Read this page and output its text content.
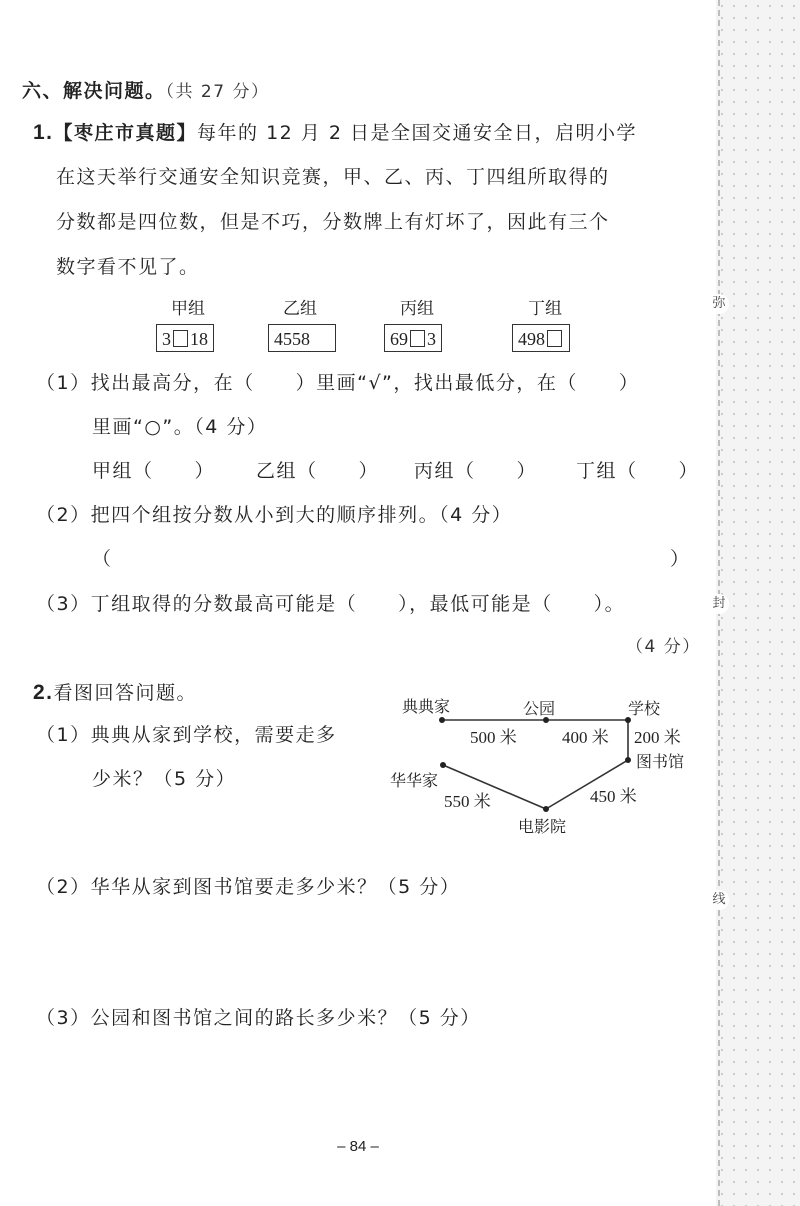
六、解决问题。（共 27 分）
1.【枣庄市真题】每年的 12 月 2 日是全国交通安全日，启明小学
在这天举行交通安全知识竞赛，甲、乙、丙、丁四组所取得的
分数都是四位数，但是不巧，分数牌上有灯坏了，因此有三个
数字看不见了。
甲组	乙组	丙组	丁组
3 18	4558	69 3	498
（1）找出最高分，在（　　）里画“√”，找出最低分，在（　　）
里画“○”。（4 分）
甲组（　　） 乙组（　　） 丙组（　　） 丁组（　　）
（2）把四个组按分数从小到大的顺序排列。（4 分）
（	）
（3）丁组取得的分数最高可能是（　　），最低可能是（　　）。
（4 分）
2.看图回答问题。
（1）典典从家到学校，需要走多
少米？（5 分）
典典家	公园	学校
图书馆
华华家
电影院
500 米	400 米 200 米
550 米	450 米
（2）华华从家到图书馆要走多少米？（5 分）
（3）公园和图书馆之间的路长多少米？（5 分）
– 84 –
弥
封
线
